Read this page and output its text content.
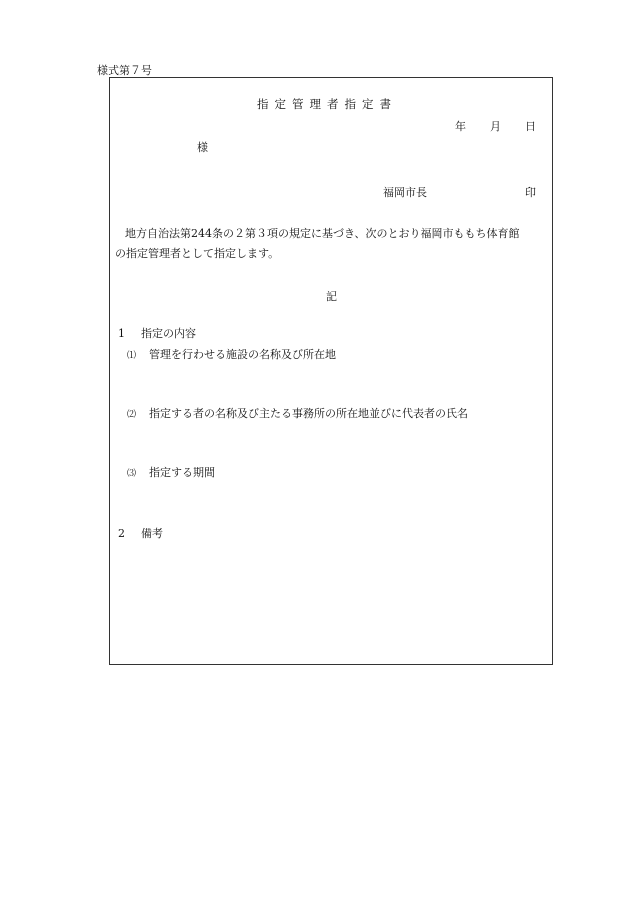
様式第７号
指定管理者指定書
年 月 日
様
福岡市長	印
地方自治法第244条の２第３項の規定に基づき、次のとおり福岡市ももち体育館
の指定管理者として指定します。
記
1 指定の内容
⑴ 管理を行わせる施設の名称及び所在地
⑵ 指定する者の名称及び主たる事務所の所在地並びに代表者の氏名
⑶ 指定する期間
2 備考
